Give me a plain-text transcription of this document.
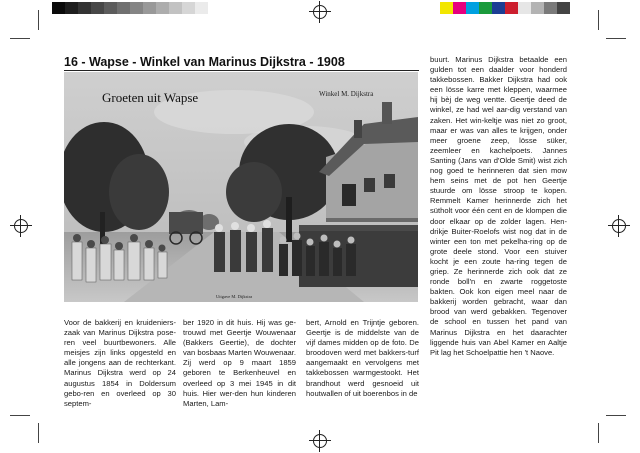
16 - Wapse - Winkel van Marinus Dijkstra - 1908
Groeten uit Wapse	Winkel M. Dijkstra
Uitgave M. Dijkstra

Voor de bakkerij en kruideniers-zaak van Marinus Dijkstra pose-ren veel buurtbewoners. Alle meisjes zijn links opgesteld en alle jongens aan de rechterkant. Marinus Dijkstra werd op 24 augustus 1854 in Doldersum gebo-ren en overleed op 30 septem-

ber 1920 in dit huis. Hij was ge-trouwd met Geertje Wouwenaar (Bakkers Geertie), de dochter van bosbaas Marten Wouwenaar. Zij werd op 9 maart 1859 geboren te Berkenheuvel en overleed op 3 mei 1945 in dit huis. Hier wer-den hun kinderen Marten, Lam-

bert, Arnold en Trijntje geboren. Geertje is de middelste van de vijf dames midden op de foto. De broodoven werd met bakkers-turf aangemaakt en vervolgens met takkebossen warmgestookt. Het brandhout werd gesnoeid uit houtwallen of uit boerenbos in de

buurt. Marinus Dijkstra betaalde een gulden tot een daalder voor honderd takkebossen. Bakker Dijkstra had ook een lösse karre met kleppen, waarmee hij bèj de weg ventte. Geertje deed de winkel, ze had wel aar-dig verstand van zaken. Het win-keltje was niet zo groot, maar er was van alles te krijgen, onder meer groene zeep, lösse süker, zeemleer en kachelpoets. Jannes Santing (Jans van d'Olde Smit) wist zich nog goed te herinneren dat sien mow hem seins met de pot hen Geertje stuurde om lösse stroop te kopen. Remmelt Kamer herinnerde zich het sütholt voor één cent en de klompen die door elkaar op de zolder lagen. Hen-drikje Buiter-Roelofs wist nog dat in de winter een ton met pekelha-ring op de grote deele stond. Voor een stuiver kocht je een zoute ha-ring tegen de griep. Ze herinnerde zich ook dat ze ronde boll'n en zwarte roggetoste bakten. Ook kon eigen meel naar de bakkerij worden gebracht, waar dan brood van werd gebakken. Tegenover de school en tussen het pand van Marinus Dijkstra en het daarachter liggende huis van Abel Kamer en Aaltje Pit lag het Schoelpattie hen 't Naove.
